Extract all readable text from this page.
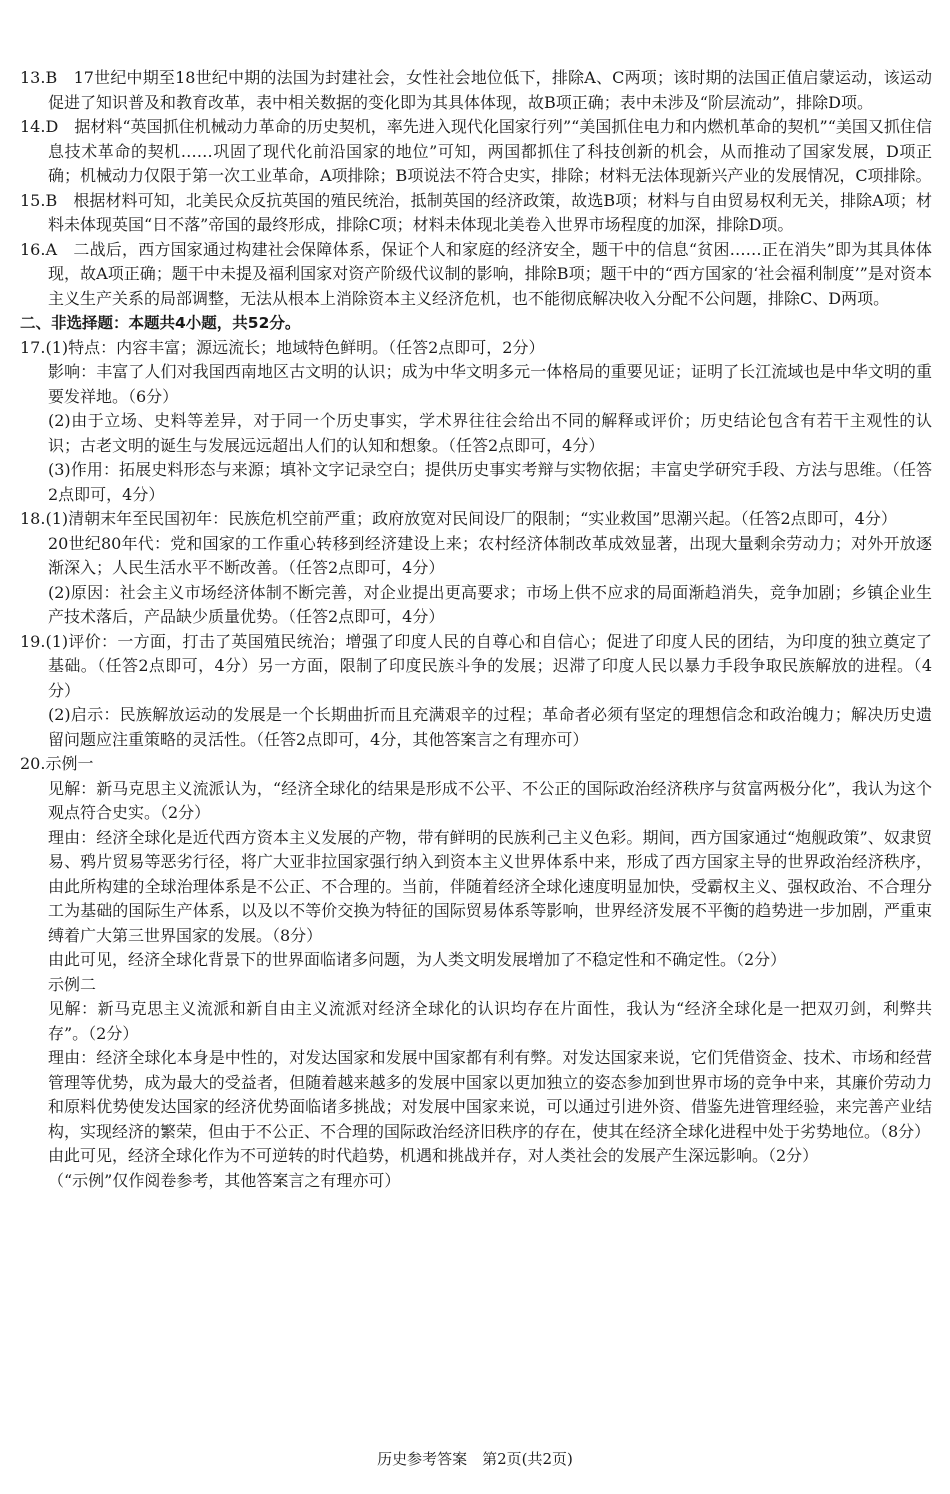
13.B　 17世纪中期至18世纪中期的法国为封建社会，女性社会地位低下，排除A、C两项；该时期的法国正值启蒙运动，该运动促进了知识普及和教育改革，表中相关数据的变化即为其具体体现，故B项正确；表中未涉及“阶层流动”，排除D项。

14.D　 据材料“英国抓住机械动力革命的历史契机，率先进入现代化国家行列”“美国抓住电力和内燃机革命的契机”“美国又抓住信息技术革命的契机……巩固了现代化前沿国家的地位”可知，两国都抓住了科技创新的机会，从而推动了国家发展，D项正确；机械动力仅限于第一次工业革命，A项排除；B项说法不符合史实，排除；材料无法体现新兴产业的发展情况，C项排除。

15.B　 根据材料可知，北美民众反抗英国的殖民统治，抵制英国的经济政策，故选B项；材料与自由贸易权利无关，排除A项；材料未体现英国“日不落”帝国的最终形成，排除C项；材料未体现北美卷入世界市场程度的加深，排除D项。

16.A　 二战后，西方国家通过构建社会保障体系，保证个人和家庭的经济安全，题干中的信息“贫困……正在消失”即为其具体体现，故A项正确；题干中未提及福利国家对资产阶级代议制的影响，排除B项；题干中的“西方国家的‘社会福利制度’”是对资本主义生产关系的局部调整，无法从根本上消除资本主义经济危机，也不能彻底解决收入分配不公问题，排除C、D两项。

二、非选择题：本题共4小题，共52分。

17.(1)特点：内容丰富；源远流长；地域特色鲜明。（任答2点即可，2分）

影响：丰富了人们对我国西南地区古文明的认识；成为中华文明多元一体格局的重要见证；证明了长江流域也是中华文明的重要发祥地。（6分）

(2)由于立场、史料等差异，对于同一个历史事实，学术界往往会给出不同的解释或评价；历史结论包含有若干主观性的认识；古老文明的诞生与发展远远超出人们的认知和想象。（任答2点即可，4分）

(3)作用：拓展史料形态与来源；填补文字记录空白；提供历史事实考辩与实物依据；丰富史学研究手段、方法与思维。（任答2点即可，4分）

18.(1)清朝末年至民国初年：民族危机空前严重；政府放宽对民间设厂的限制；“实业救国”思潮兴起。（任答2点即可，4分）

20世纪80年代：党和国家的工作重心转移到经济建设上来；农村经济体制改革成效显著，出现大量剩余劳动力；对外开放逐渐深入；人民生活水平不断改善。（任答2点即可，4分）

(2)原因：社会主义市场经济体制不断完善，对企业提出更高要求；市场上供不应求的局面渐趋消失，竞争加剧；乡镇企业生产技术落后，产品缺少质量优势。（任答2点即可，4分）

19.(1)评价：一方面，打击了英国殖民统治；增强了印度人民的自尊心和自信心；促进了印度人民的团结，为印度的独立奠定了基础。（任答2点即可，4分）另一方面，限制了印度民族斗争的发展；迟滞了印度人民以暴力手段争取民族解放的进程。（4分）

(2)启示：民族解放运动的发展是一个长期曲折而且充满艰辛的过程；革命者必须有坚定的理想信念和政治魄力；解决历史遗留问题应注重策略的灵活性。（任答2点即可，4分，其他答案言之有理亦可）

20.示例一

见解：新马克思主义流派认为，“经济全球化的结果是形成不公平、不公正的国际政治经济秩序与贫富两极分化”，我认为这个观点符合史实。（2分）

理由：经济全球化是近代西方资本主义发展的产物，带有鲜明的民族利己主义色彩。期间，西方国家通过“炮舰政策”、奴隶贸易、鸦片贸易等恶劣行径，将广大亚非拉国家强行纳入到资本主义世界体系中来，形成了西方国家主导的世界政治经济秩序，由此所构建的全球治理体系是不公正、不合理的。当前，伴随着经济全球化速度明显加快，受霸权主义、强权政治、不合理分工为基础的国际生产体系，以及以不等价交换为特征的国际贸易体系等影响，世界经济发展不平衡的趋势进一步加剧，严重束缚着广大第三世界国家的发展。（8分）

由此可见，经济全球化背景下的世界面临诸多问题，为人类文明发展增加了不稳定性和不确定性。（2分）

示例二

见解：新马克思主义流派和新自由主义流派对经济全球化的认识均存在片面性，我认为“经济全球化是一把双刃剑，利弊共存”。（2分）

理由：经济全球化本身是中性的，对发达国家和发展中国家都有利有弊。对发达国家来说，它们凭借资金、技术、市场和经营管理等优势，成为最大的受益者，但随着越来越多的发展中国家以更加独立的姿态参加到世界市场的竞争中来，其廉价劳动力和原料优势使发达国家的经济优势面临诸多挑战；对发展中国家来说，可以通过引进外资、借鉴先进管理经验，来完善产业结构，实现经济的繁荣，但由于不公正、不合理的国际政治经济旧秩序的存在，使其在经济全球化进程中处于劣势地位。（8分）

由此可见，经济全球化作为不可逆转的时代趋势，机遇和挑战并存，对人类社会的发展产生深远影响。（2分）

（“示例”仅作阅卷参考，其他答案言之有理亦可）

历史参考答案　第2页(共2页)
